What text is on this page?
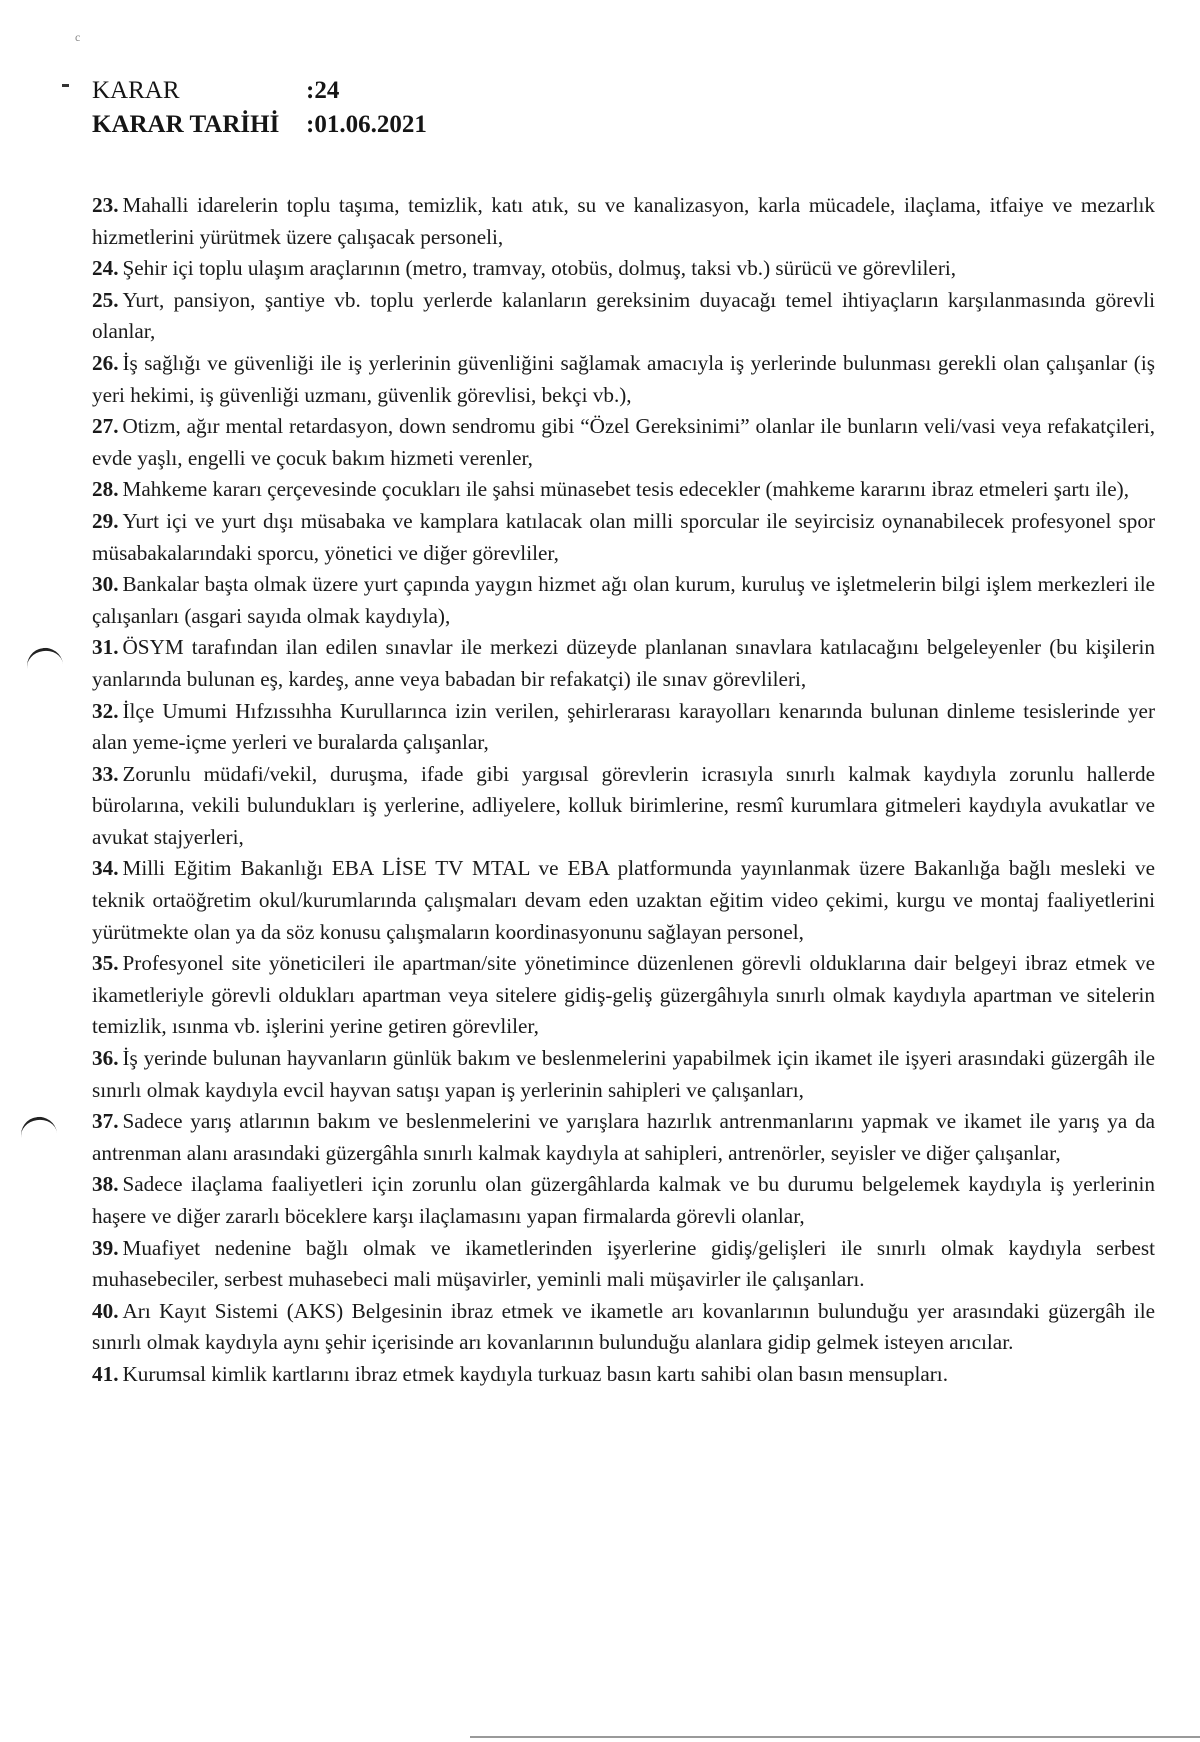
c
KARAR	:24
KARAR TARİHİ	:01.06.2021

23. Mahalli idarelerin toplu taşıma, temizlik, katı atık, su ve kanalizasyon, karla mücadele, ilaçlama, itfaiye ve mezarlık hizmetlerini yürütmek üzere çalışacak personeli,

24. Şehir içi toplu ulaşım araçlarının (metro, tramvay, otobüs, dolmuş, taksi vb.) sürücü ve görevlileri,

25. Yurt, pansiyon, şantiye vb. toplu yerlerde kalanların gereksinim duyacağı temel ihtiyaçların karşılanmasında görevli olanlar,

26. İş sağlığı ve güvenliği ile iş yerlerinin güvenliğini sağlamak amacıyla iş yerlerinde bulunması gerekli olan çalışanlar (iş yeri hekimi, iş güvenliği uzmanı, güvenlik görevlisi, bekçi vb.),

27. Otizm, ağır mental retardasyon, down sendromu gibi “Özel Gereksinimi” olanlar ile bunların veli/vasi veya refakatçileri, evde yaşlı, engelli ve çocuk bakım hizmeti verenler,

28. Mahkeme kararı çerçevesinde çocukları ile şahsi münasebet tesis edecekler (mahkeme kararını ibraz etmeleri şartı ile),

29. Yurt içi ve yurt dışı müsabaka ve kamplara katılacak olan milli sporcular ile seyircisiz oynanabilecek profesyonel spor müsabakalarındaki sporcu, yönetici ve diğer görevliler,

30. Bankalar başta olmak üzere yurt çapında yaygın hizmet ağı olan kurum, kuruluş ve işletmelerin bilgi işlem merkezleri ile çalışanları (asgari sayıda olmak kaydıyla),

31. ÖSYM tarafından ilan edilen sınavlar ile merkezi düzeyde planlanan sınavlara katılacağını belgeleyenler (bu kişilerin yanlarında bulunan eş, kardeş, anne veya babadan bir refakatçi) ile sınav görevlileri,

32. İlçe Umumi Hıfzıssıhha Kurullarınca izin verilen, şehirlerarası karayolları kenarında bulunan dinleme tesislerinde yer alan yeme-içme yerleri ve buralarda çalışanlar,

33. Zorunlu müdafi/vekil, duruşma, ifade gibi yargısal görevlerin icrasıyla sınırlı kalmak kaydıyla zorunlu hallerde bürolarına, vekili bulundukları iş yerlerine, adliyelere, kolluk birimlerine, resmî kurumlara gitmeleri kaydıyla avukatlar ve avukat stajyerleri,

34. Milli Eğitim Bakanlığı EBA LİSE TV MTAL ve EBA platformunda yayınlanmak üzere Bakanlığa bağlı mesleki ve teknik ortaöğretim okul/kurumlarında çalışmaları devam eden uzaktan eğitim video çekimi, kurgu ve montaj faaliyetlerini yürütmekte olan ya da söz konusu çalışmaların koordinasyonunu sağlayan personel,

35. Profesyonel site yöneticileri ile apartman/site yönetimince düzenlenen görevli olduklarına dair belgeyi ibraz etmek ve ikametleriyle görevli oldukları apartman veya sitelere gidiş-geliş güzergâhıyla sınırlı olmak kaydıyla apartman ve sitelerin temizlik, ısınma vb. işlerini yerine getiren görevliler,

36. İş yerinde bulunan hayvanların günlük bakım ve beslenmelerini yapabilmek için ikamet ile işyeri arasındaki güzergâh ile sınırlı olmak kaydıyla evcil hayvan satışı yapan iş yerlerinin sahipleri ve çalışanları,

37. Sadece yarış atlarının bakım ve beslenmelerini ve yarışlara hazırlık antrenmanlarını yapmak ve ikamet ile yarış ya da antrenman alanı arasındaki güzergâhla sınırlı kalmak kaydıyla at sahipleri, antrenörler, seyisler ve diğer çalışanlar,

38. Sadece ilaçlama faaliyetleri için zorunlu olan güzergâhlarda kalmak ve bu durumu belgelemek kaydıyla iş yerlerinin haşere ve diğer zararlı böceklere karşı ilaçlamasını yapan firmalarda görevli olanlar,

39. Muafiyet nedenine bağlı olmak ve ikametlerinden işyerlerine gidiş/gelişleri ile sınırlı olmak kaydıyla serbest muhasebeciler, serbest muhasebeci mali müşavirler, yeminli mali müşavirler ile çalışanları.

40. Arı Kayıt Sistemi (AKS) Belgesinin ibraz etmek ve ikametle arı kovanlarının bulunduğu yer arasındaki güzergâh ile sınırlı olmak kaydıyla aynı şehir içerisinde arı kovanlarının bulunduğu alanlara gidip gelmek isteyen arıcılar.

41. Kurumsal kimlik kartlarını ibraz etmek kaydıyla turkuaz basın kartı sahibi olan basın mensupları.
